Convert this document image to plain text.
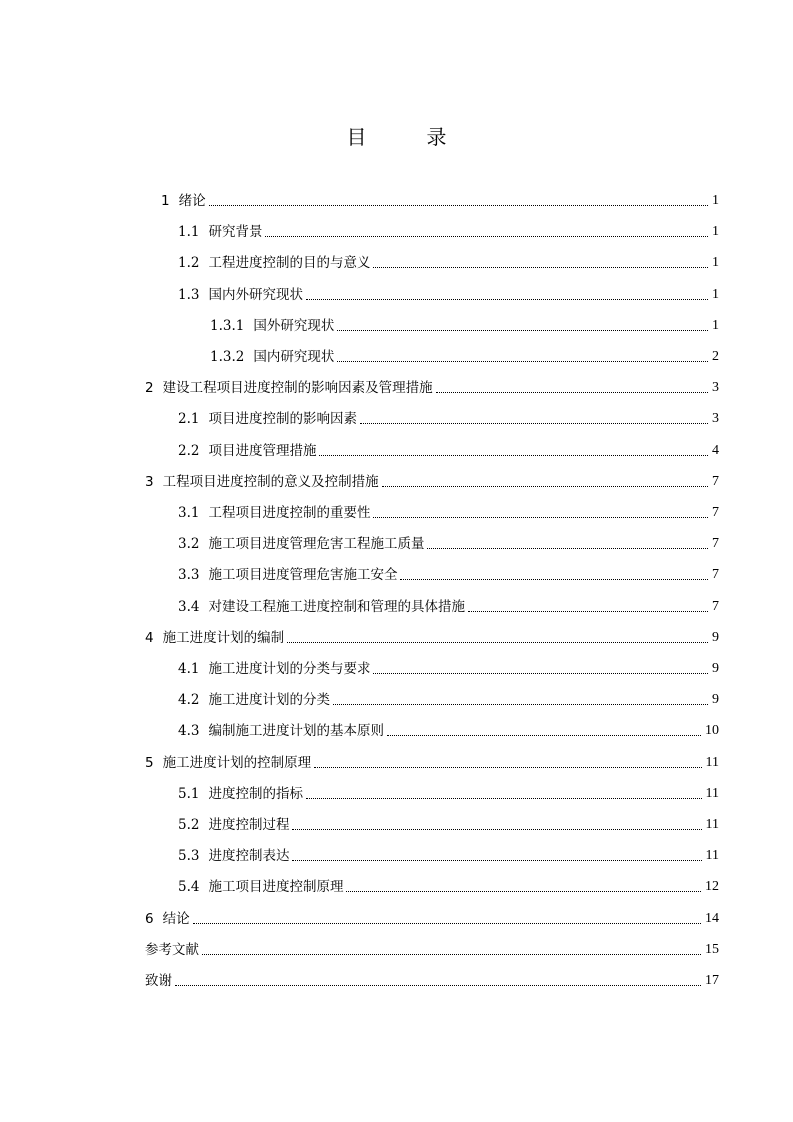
目　录
1 绪论	1
1.1 研究背景	1
1.2 工程进度控制的目的与意义	1
1.3 国内外研究现状	1
1.3.1 国外研究现状	1
1.3.2 国内研究现状	2
2 建设工程项目进度控制的影响因素及管理措施	3
2.1 项目进度控制的影响因素	3
2.2 项目进度管理措施	4
3 工程项目进度控制的意义及控制措施	7
3.1 工程项目进度控制的重要性	7
3.2 施工项目进度管理危害工程施工质量	7
3.3 施工项目进度管理危害施工安全	7
3.4 对建设工程施工进度控制和管理的具体措施	7
4 施工进度计划的编制	9
4.1 施工进度计划的分类与要求	9
4.2 施工进度计划的分类	9
4.3 编制施工进度计划的基本原则	10
5 施工进度计划的控制原理	11
5.1 进度控制的指标	11
5.2 进度控制过程	11
5.3 进度控制表达	11
5.4 施工项目进度控制原理	12
6 结论	14
参考文献	15
致谢	17
